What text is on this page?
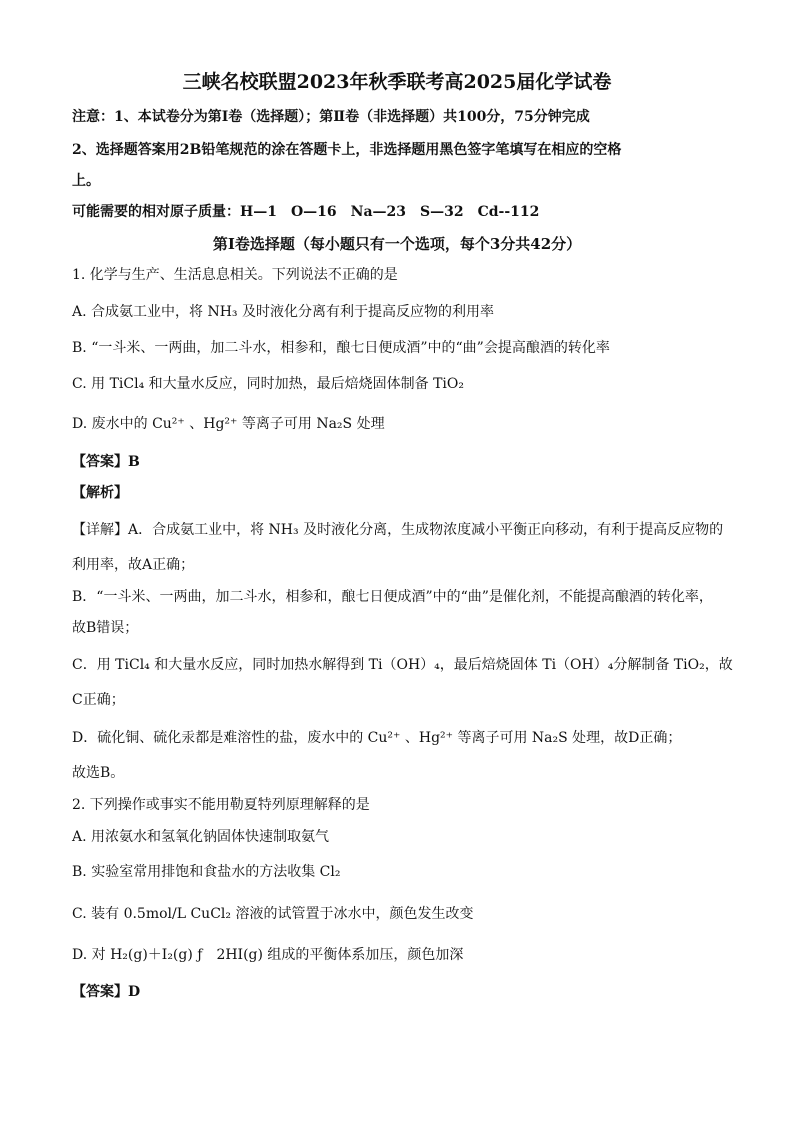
三峡名校联盟2023年秋季联考高2025届化学试卷
注意：1、本试卷分为第Ⅰ卷（选择题）；第Ⅱ卷（非选择题）共100分，75分钟完成
2、选择题答案用2B铅笔规范的涂在答题卡上，非选择题用黑色签字笔填写在相应的空格
上。
可能需要的相对原子质量：H—1　O—16　Na—23　S—32　Cd--112
第Ⅰ卷选择题（每小题只有一个选项，每个3分共42分）
1. 化学与生产、生活息息相关。下列说法不正确的是
A. 合成氨工业中，将 NH₃ 及时液化分离有利于提高反应物的利用率
B. “一斗米、一两曲，加二斗水，相参和，酿七日便成酒”中的“曲”会提高酿酒的转化率
C. 用 TiCl₄ 和大量水反应，同时加热，最后焙烧固体制备 TiO₂
D. 废水中的 Cu²⁺ 、Hg²⁺ 等离子可用 Na₂S 处理
【答案】B
【解析】
【详解】A．合成氨工业中，将 NH₃ 及时液化分离，生成物浓度减小平衡正向移动，有利于提高反应物的
利用率，故A正确；
B．“一斗米、一两曲，加二斗水，相参和，酿七日便成酒”中的“曲”是催化剂，不能提高酿酒的转化率，
故B错误；
C．用 TiCl₄ 和大量水反应，同时加热水解得到 Ti（OH）₄，最后焙烧固体 Ti（OH）₄分解制备 TiO₂，故
C正确；
D．硫化铜、硫化汞都是难溶性的盐，废水中的 Cu²⁺ 、Hg²⁺ 等离子可用 Na₂S 处理，故D正确；
故选B。
2. 下列操作或事实不能用勒夏特列原理解释的是
A. 用浓氨水和氢氧化钠固体快速制取氨气
B. 实验室常用排饱和食盐水的方法收集 Cl₂
C. 装有 0.5mol/L CuCl₂ 溶液的试管置于冰水中，颜色发生改变
D. 对 H₂(g)＋I₂(g) ƒ　2HI(g) 组成的平衡体系加压，颜色加深
【答案】D
